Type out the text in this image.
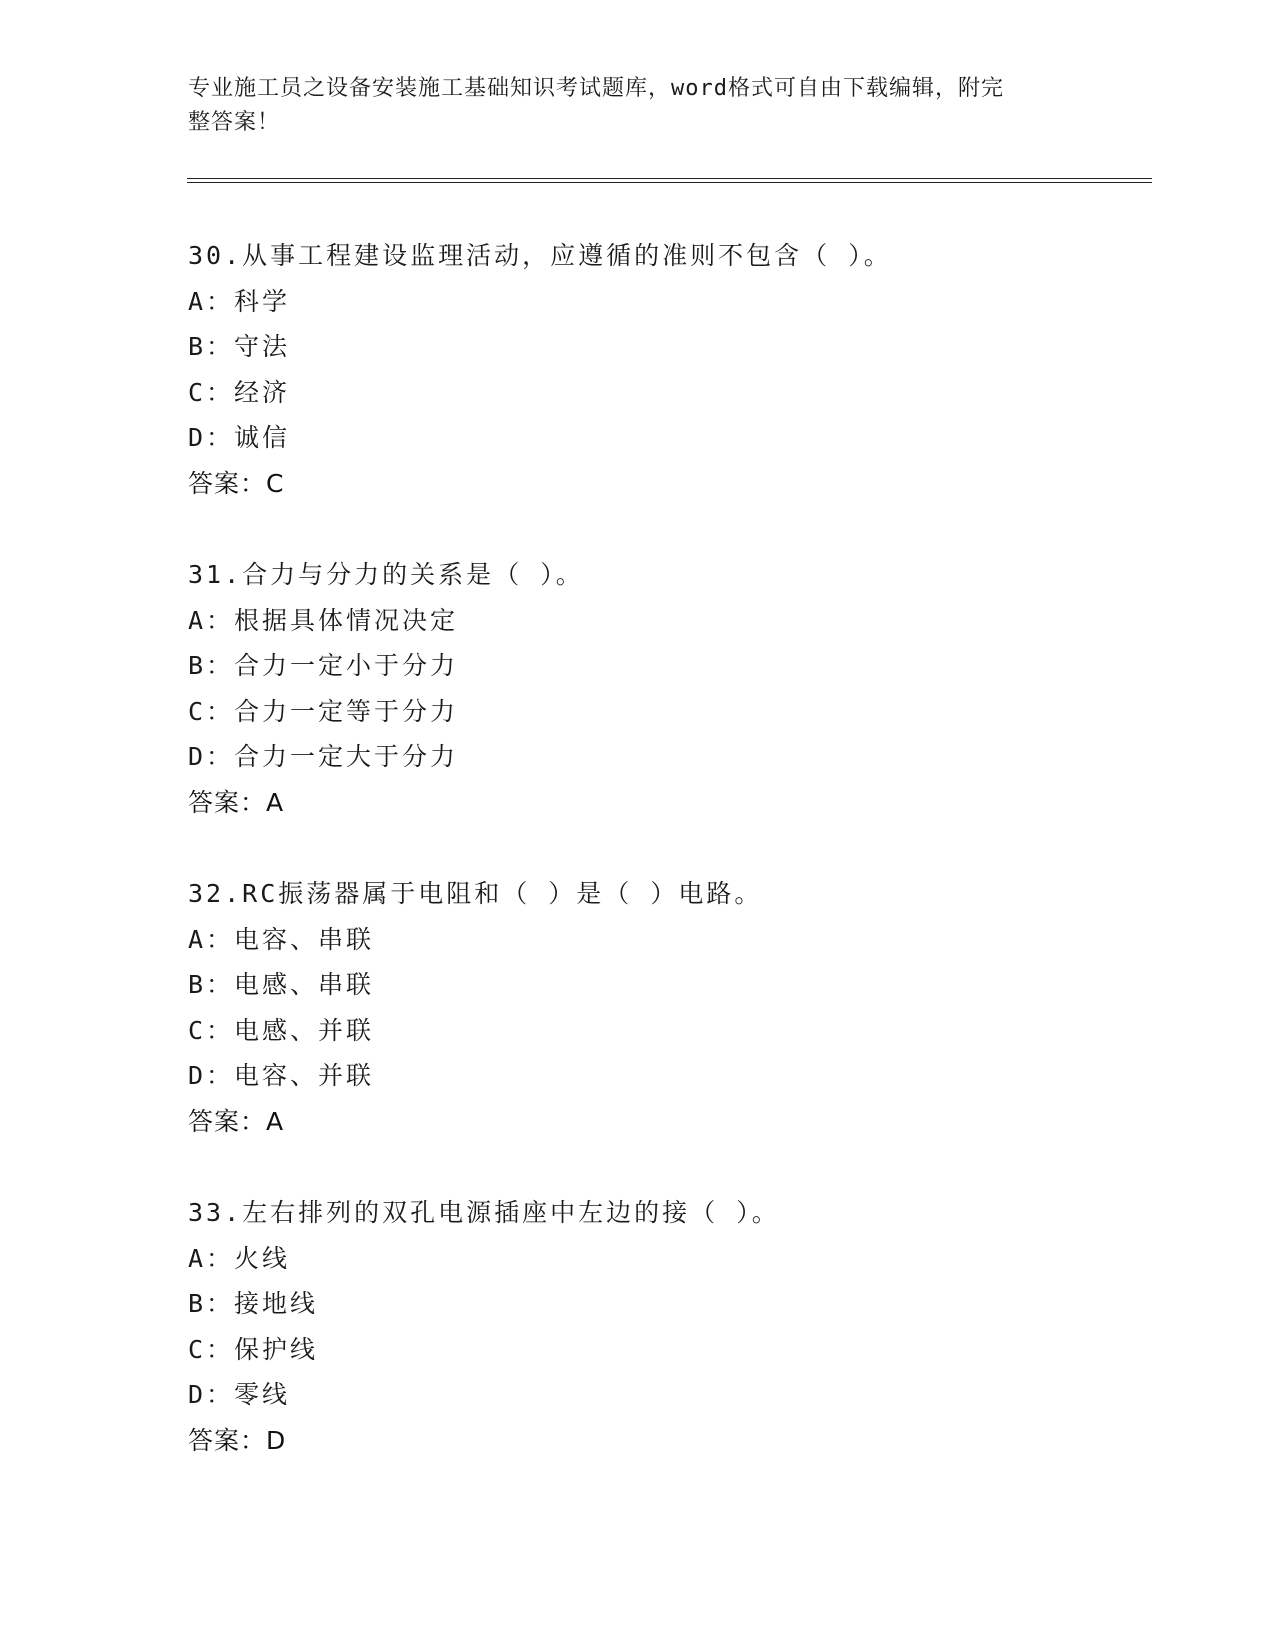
专业施工员之设备安装施工基础知识考试题库，word格式可自由下载编辑，附完
整答案！
30.从事工程建设监理活动，应遵循的准则不包含（ ）。
A：科学
B：守法
C：经济
D：诚信
答案：C
31.合力与分力的关系是（ ）。
A：根据具体情况决定
B：合力一定小于分力
C：合力一定等于分力
D：合力一定大于分力
答案：A
32.RC振荡器属于电阻和（ ）是（ ）电路。
A：电容、串联
B：电感、串联
C：电感、并联
D：电容、并联
答案：A
33.左右排列的双孔电源插座中左边的接（ ）。
A：火线
B：接地线
C：保护线
D：零线
答案：D
